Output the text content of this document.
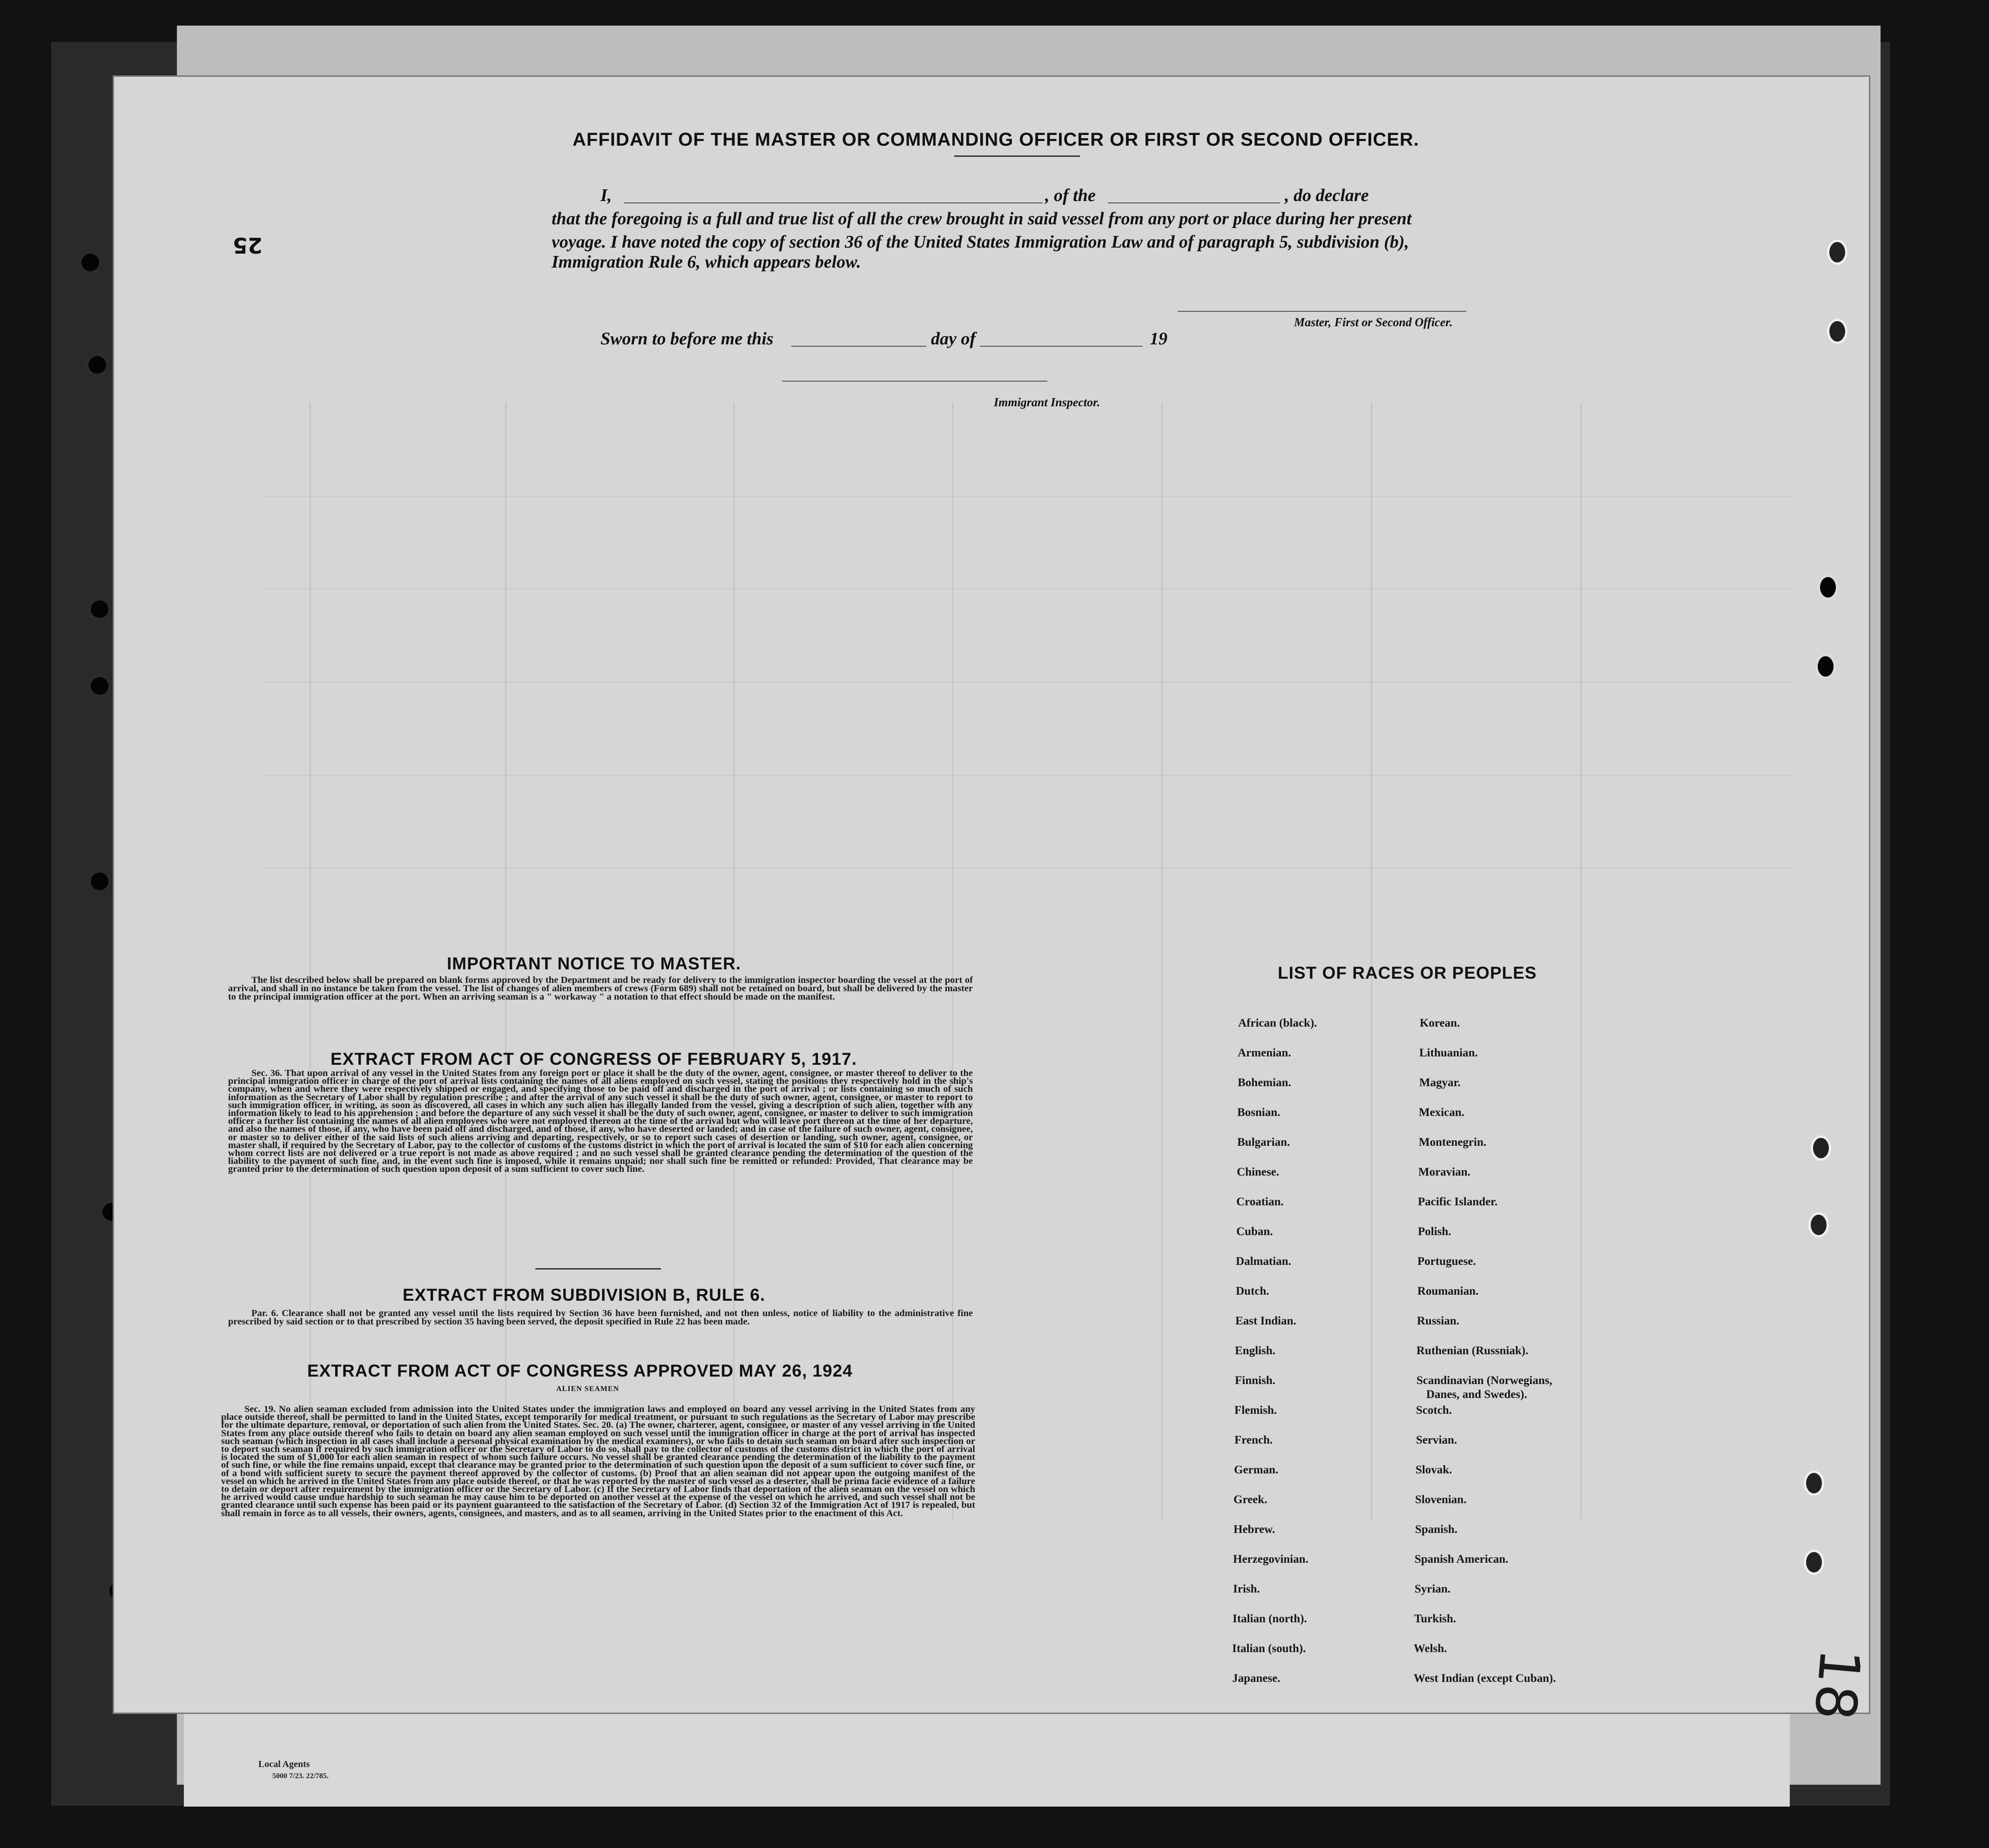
AFFIDAVIT OF THE MASTER OR COMMANDING OFFICER OR FIRST OR SECOND OFFICER.
I,	, of the	, do declare
that the foregoing is a full and true list of all the crew brought in said vessel from any port or place during her present
voyage. I have noted the copy of section 36 of the United States Immigration Law and of paragraph 5, subdivision (b),
Immigration Rule 6, which appears below.
Master, First or Second Officer.
Sworn to before me this	day of	19
Immigrant Inspector.
25
IMPORTANT NOTICE TO MASTER.
The list described below shall be prepared on blank forms approved by the Department and be ready for delivery to the immigration inspector boarding the vessel at the port of arrival, and shall in no instance be taken from the vessel. The list of changes of alien members of crews (Form 689) shall not be retained on board, but shall be delivered by the master to the principal immigration officer at the port. When an arriving seaman is a " workaway " a notation to that effect should be made on the manifest.
EXTRACT FROM ACT OF CONGRESS OF FEBRUARY 5, 1917.
Sec. 36. That upon arrival of any vessel in the United States from any foreign port or place it shall be the duty of the owner, agent, consignee, or master thereof to deliver to the principal immigration officer in charge of the port of arrival lists containing the names of all aliens employed on such vessel, stating the positions they respectively hold in the ship's company, when and where they were respectively shipped or engaged, and specifying those to be paid off and discharged in the port of arrival ; or lists containing so much of such information as the Secretary of Labor shall by regulation prescribe ; and after the arrival of any such vessel it shall be the duty of such owner, agent, consignee, or master to report to such immigration officer, in writing, as soon as discovered, all cases in which any such alien has illegally landed from the vessel, giving a description of such alien, together with any information likely to lead to his apprehension ; and before the departure of any such vessel it shall be the duty of such owner, agent, consignee, or master to deliver to such immigration officer a further list containing the names of all alien employees who were not employed thereon at the time of the arrival but who will leave port thereon at the time of her departure, and also the names of those, if any, who have been paid off and discharged, and of those, if any, who have deserted or landed; and in case of the failure of such owner, agent, consignee, or master so to deliver either of the said lists of such aliens arriving and departing, respectively, or so to report such cases of desertion or landing, such owner, agent, consignee, or master shall, if required by the Secretary of Labor, pay to the collector of customs of the customs district in which the port of arrival is located the sum of $10 for each alien concerning whom correct lists are not delivered or a true report is not made as above required ; and no such vessel shall be granted clearance pending the determination of the question of the liability to the payment of such fine, and, in the event such fine is imposed, while it remains unpaid; nor shall such fine be remitted or refunded: Provided, That clearance may be granted prior to the determination of such question upon deposit of a sum sufficient to cover such fine.
EXTRACT FROM SUBDIVISION B, RULE 6.
Par. 6. Clearance shall not be granted any vessel until the lists required by Section 36 have been furnished, and not then unless, notice of liability to the administrative fine prescribed by said section or to that prescribed by section 35 having been served, the deposit specified in Rule 22 has been made.
EXTRACT FROM ACT OF CONGRESS APPROVED MAY 26, 1924
ALIEN SEAMEN
Sec. 19. No alien seaman excluded from admission into the United States under the immigration laws and employed on board any vessel arriving in the United States from any place outside thereof, shall be permitted to land in the United States, except temporarily for medical treatment, or pursuant to such regulations as the Secretary of Labor may prescribe for the ultimate departure, removal, or deportation of such alien from the United States. Sec. 20. (a) The owner, charterer, agent, consignee, or master of any vessel arriving in the United States from any place outside thereof who fails to detain on board any alien seaman employed on such vessel until the immigration officer in charge at the port of arrival has inspected such seaman (which inspection in all cases shall include a personal physical examination by the medical examiners), or who fails to detain such seaman on board after such inspection or to deport such seaman if required by such immigration officer or the Secretary of Labor to do so, shall pay to the collector of customs of the customs district in which the port of arrival is located the sum of $1,000 for each alien seaman in respect of whom such failure occurs. No vessel shall be granted clearance pending the determination of the liability to the payment of such fine, or while the fine remains unpaid, except that clearance may be granted prior to the determination of such question upon the deposit of a sum sufficient to cover such fine, or of a bond with sufficient surety to secure the payment thereof approved by the collector of customs. (b) Proof that an alien seaman did not appear upon the outgoing manifest of the vessel on which he arrived in the United States from any place outside thereof, or that he was reported by the master of such vessel as a deserter, shall be prima facie evidence of a failure to detain or deport after requirement by the immigration officer or the Secretary of Labor. (c) If the Secretary of Labor finds that deportation of the alien seaman on the vessel on which he arrived would cause undue hardship to such seaman he may cause him to be deported on another vessel at the expense of the vessel on which he arrived, and such vessel shall not be granted clearance until such expense has been paid or its payment guaranteed to the satisfaction of the Secretary of Labor. (d) Section 32 of the Immigration Act of 1917 is repealed, but shall remain in force as to all vessels, their owners, agents, consignees, and masters, and as to all seamen, arriving in the United States prior to the enactment of this Act.
LIST OF RACES OR PEOPLES
African (black).
Armenian.
Bohemian.
Bosnian.
Bulgarian.
Chinese.
Croatian.
Cuban.
Dalmatian.
Dutch.
East Indian.
English.
Finnish.
Flemish.
French.
German.
Greek.
Hebrew.
Herzegovinian.
Irish.
Italian (north).
Italian (south).
Japanese.
Korean.
Lithuanian.
Magyar.
Mexican.
Montenegrin.
Moravian.
Pacific Islander.
Polish.
Portuguese.
Roumanian.
Russian.
Ruthenian (Russniak).
Scandinavian (Norwegians,
Danes, and Swedes).
Scotch.
Servian.
Slovak.
Slovenian.
Spanish.
Spanish American.
Syrian.
Turkish.
Welsh.
West Indian (except Cuban).
Local Agents
5000 7/23. 22/785.
18
